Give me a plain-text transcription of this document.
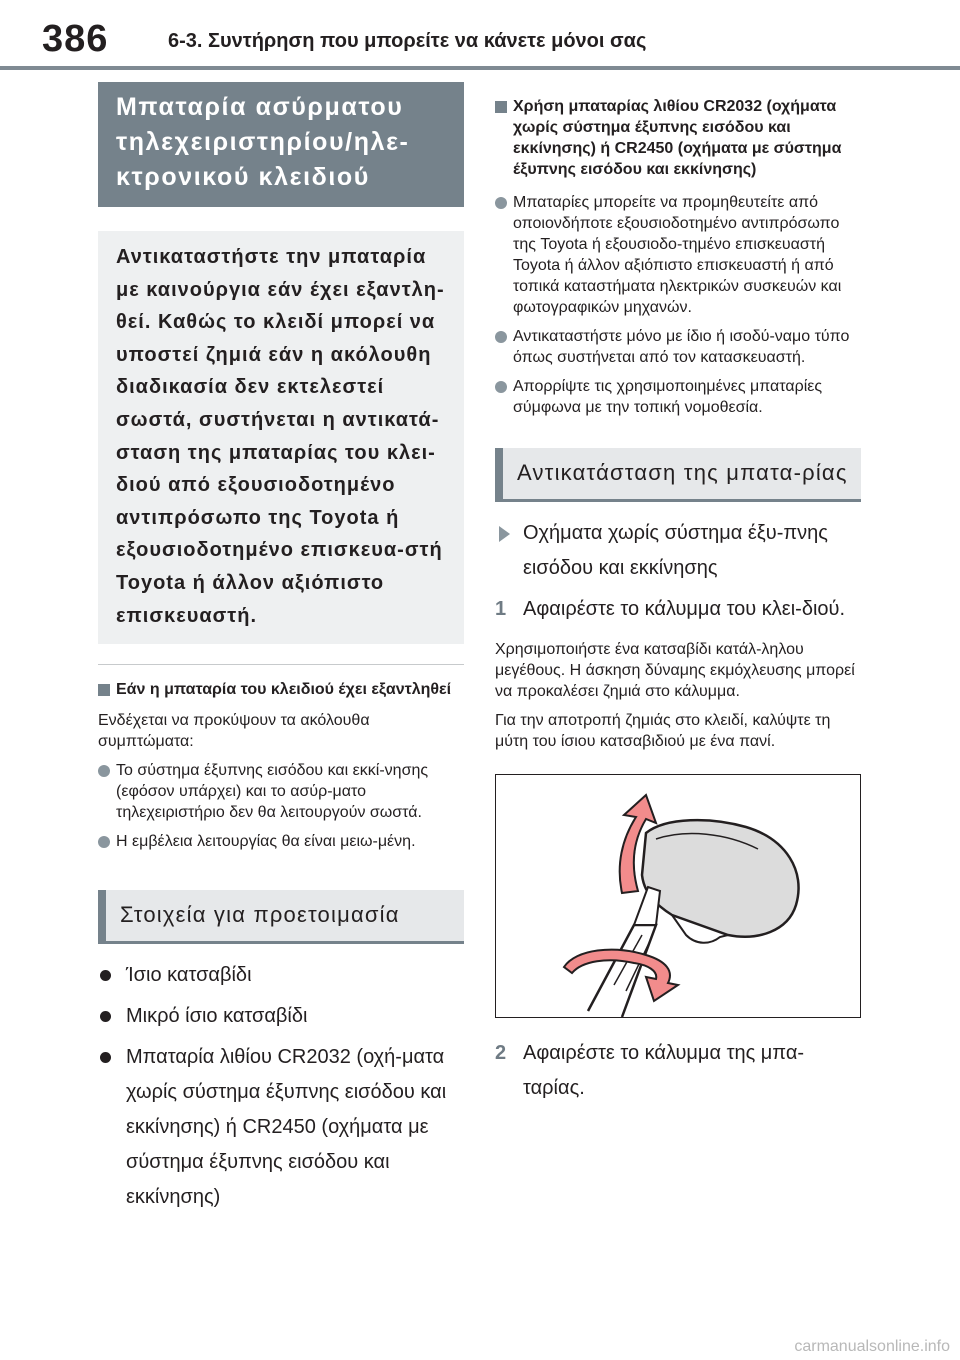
386	6-3. Συντήρηση που μπορείτε να κάνετε μόνοι σας
Μπαταρία ασύρματου τηλεχειριστηρίου/ηλε-κτρονικού κλειδιού
Αντικαταστήστε την μπαταρία με καινούργια εάν έχει εξαντλη-θεί. Καθώς το κλειδί μπορεί να υποστεί ζημιά εάν η ακόλουθη διαδικασία δεν εκτελεστεί σωστά, συστήνεται η αντικατά-σταση της μπαταρίας του κλει-διού από εξουσιοδοτημένο αντιπρόσωπο της Toyota ή εξουσιοδοτημένο επισκευα-στή Toyota ή άλλον αξιόπιστο επισκευαστή.
Εάν η μπαταρία του κλειδιού έχει εξαντληθεί
Ενδέχεται να προκύψουν τα ακόλουθα συμπτώματα:
Το σύστημα έξυπνης εισόδου και εκκί-νησης (εφόσον υπάρχει) και το ασύρ-ματο τηλεχειριστήριο δεν θα λειτουργούν σωστά.
Η εμβέλεια λειτουργίας θα είναι μειω-μένη.
Στοιχεία για προετοιμασία
Ίσιο κατσαβίδι
Μικρό ίσιο κατσαβίδι
Μπαταρία λιθίου CR2032 (οχή-ματα χωρίς σύστημα έξυπνης εισόδου και εκκίνησης) ή CR2450 (οχήματα με σύστημα έξυπνης εισόδου και εκκίνησης)
Χρήση μπαταρίας λιθίου CR2032 (οχήματα χωρίς σύστημα έξυπνης εισόδου και εκκίνησης) ή CR2450 (οχήματα με σύστημα έξυπνης εισόδου και εκκίνησης)
Μπαταρίες μπορείτε να προμηθευτείτε από οποιονδήποτε εξουσιοδοτημένο αντιπρόσωπο της Toyota ή εξουσιοδο-τημένο επισκευαστή Toyota ή άλλον αξιόπιστο επισκευαστή ή από τοπικά καταστήματα ηλεκτρικών συσκευών και φωτογραφικών μηχανών.
Αντικαταστήστε μόνο με ίδιο ή ισοδύ-ναμο τύπο όπως συστήνεται από τον κατασκευαστή.
Απορρίψτε τις χρησιμοποιημένες μπαταρίες σύμφωνα με την τοπική νομοθεσία.
Αντικατάσταση της μπατα-ρίας
Οχήματα χωρίς σύστημα έξυ-πνης εισόδου και εκκίνησης
1 Αφαιρέστε το κάλυμμα του κλει-διού.
Χρησιμοποιήστε ένα κατσαβίδι κατάλ-ληλου μεγέθους. Η άσκηση δύναμης εκμόχλευσης μπορεί να προκαλέσει ζημιά στο κάλυμμα.
Για την αποτροπή ζημιάς στο κλειδί, καλύψτε τη μύτη του ίσιου κατσαβιδιού με ένα πανί.
2 Αφαιρέστε το κάλυμμα της μπα-ταρίας.
carmanualsonline.info
